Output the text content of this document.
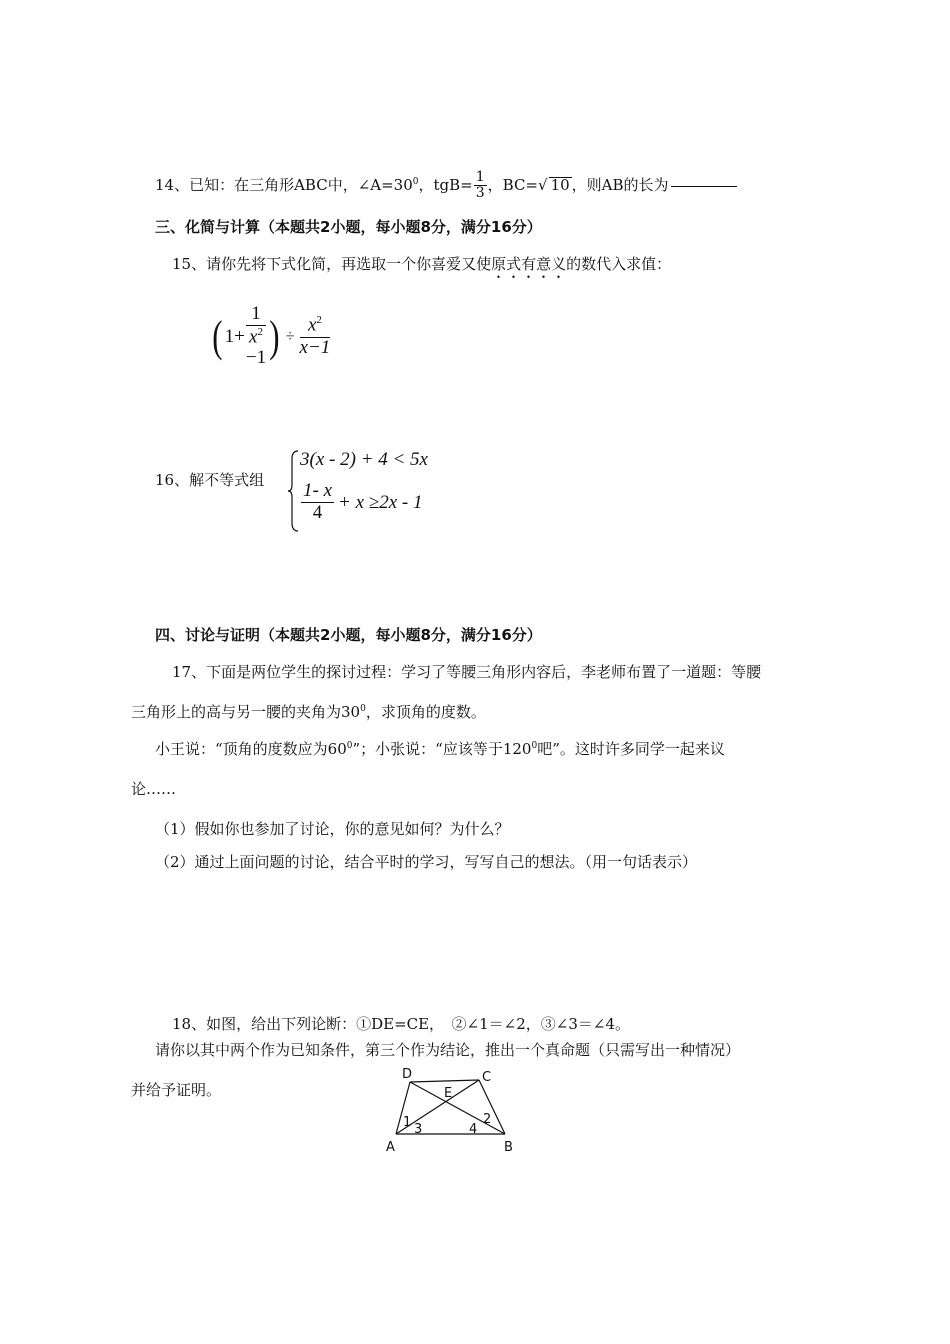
14、已知：在三角形ABC中，$\angle A=30^0$，$tgB= \frac{1}{3}$ ，BC=√ 10 ，则AB的长为
三、化简与计算（本题共2小题，每小题8分，满分16分）
15、请你先将下式化简，再选取一个你喜爱又使原式有意义的数代入求值：
( 1+ 1
$x^2$
−1 ) ÷ $\frac{x^2}{x-1}$
16、解不等式组
3(x - 2) + 4 < 5x
$\frac{1- x}{4} + x \ge 2x - 1$
四、讨论与证明（本题共2小题，每小题8分，满分16分）
17、下面是两位学生的探讨过程：学习了等腰三角形内容后，李老师布置了一道题：等腰
三角形上的高与另一腰的夹角为$30^0$，求顶角的度数。
小王说：“顶角的度数应为$60^0$”；小张说：“应该等于$120^0$吧”。这时许多同学一起来议
论……
（1）假如你也参加了讨论，你的意见如何？为什么？
（2）通过上面问题的讨论，结合平时的学习，写写自己的想法。（用一句话表示）
18、如图，给出下列论断：①DE=CE，　②∠1＝∠2，③∠3＝∠4。
请你以其中两个作为已知条件，第三个作为结论，推出一个真命题（只需写出一种情况）
并给予证明。
D	C
E
A	B
1	2
3	4
